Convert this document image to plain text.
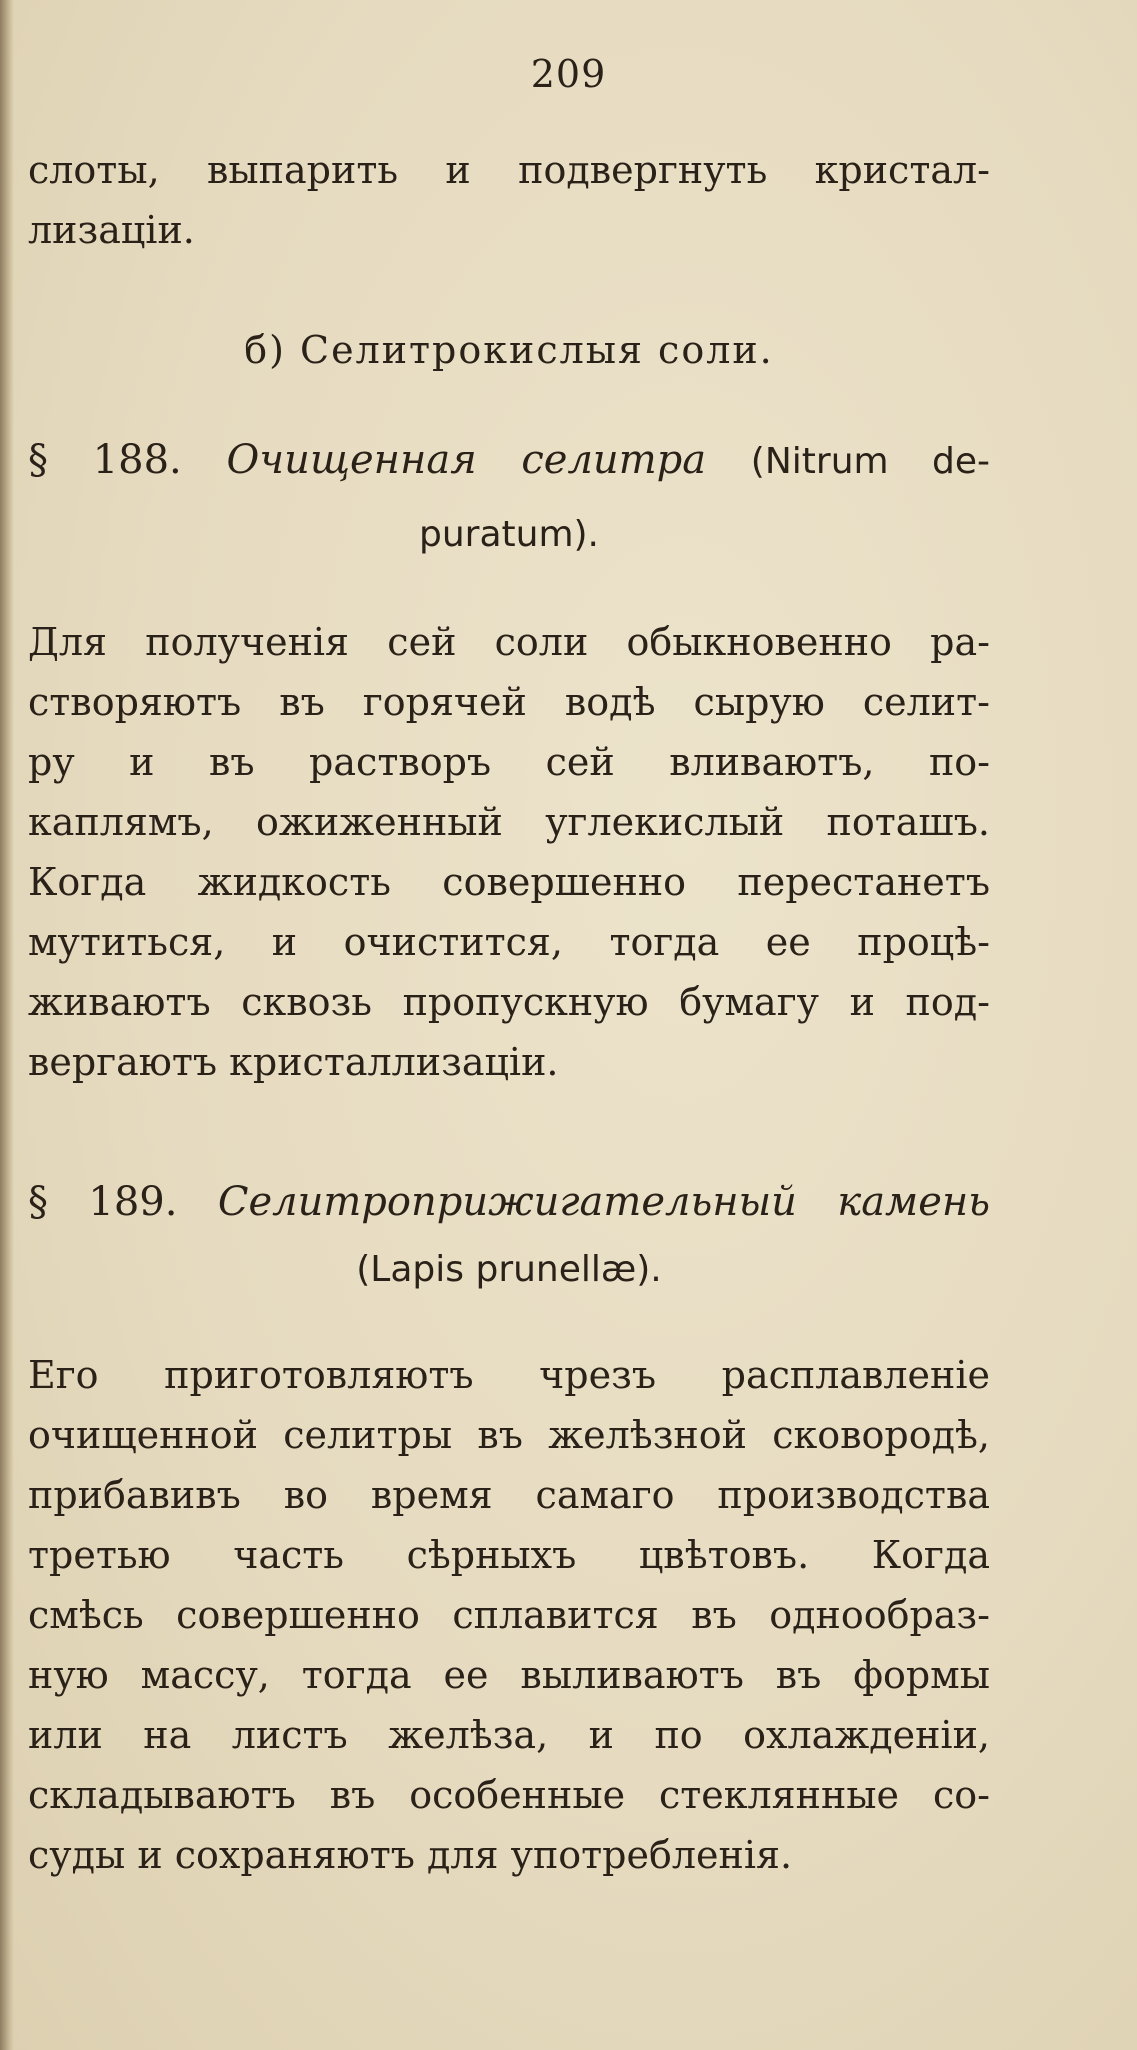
209

слоты, выпарить и подвергнуть кристал-

лизаціи.

б) Селитрокислыя соли.

§ 188. Очищенная селитра (Nitrum de-

puratum).

Для полученія сей соли обыкновенно ра-

створяютъ въ горячей водѣ сырую селит-

ру и въ растворъ сей вливаютъ, по-

каплямъ, ожиженный углекислый поташъ.

Когда жидкость совершенно перестанетъ

мутиться, и очистится, тогда ее процѣ-

живаютъ сквозь пропускную бумагу и под-

вергаютъ кристаллизаціи.

§ 189. Селитроприжигательный камень

(Lapis prunellæ).

Его приготовляютъ чрезъ расплавленіе

очищенной селитры въ желѣзной сковородѣ,

прибавивъ во время самаго производства

третью часть сѣрныхъ цвѣтовъ. Когда

смѣсь совершенно сплавится въ однообраз-

ную массу, тогда ее выливаютъ въ формы

или на листъ желѣза, и по охлажденіи,

складываютъ въ особенные стеклянные со-

суды и сохраняютъ для употребленія.
